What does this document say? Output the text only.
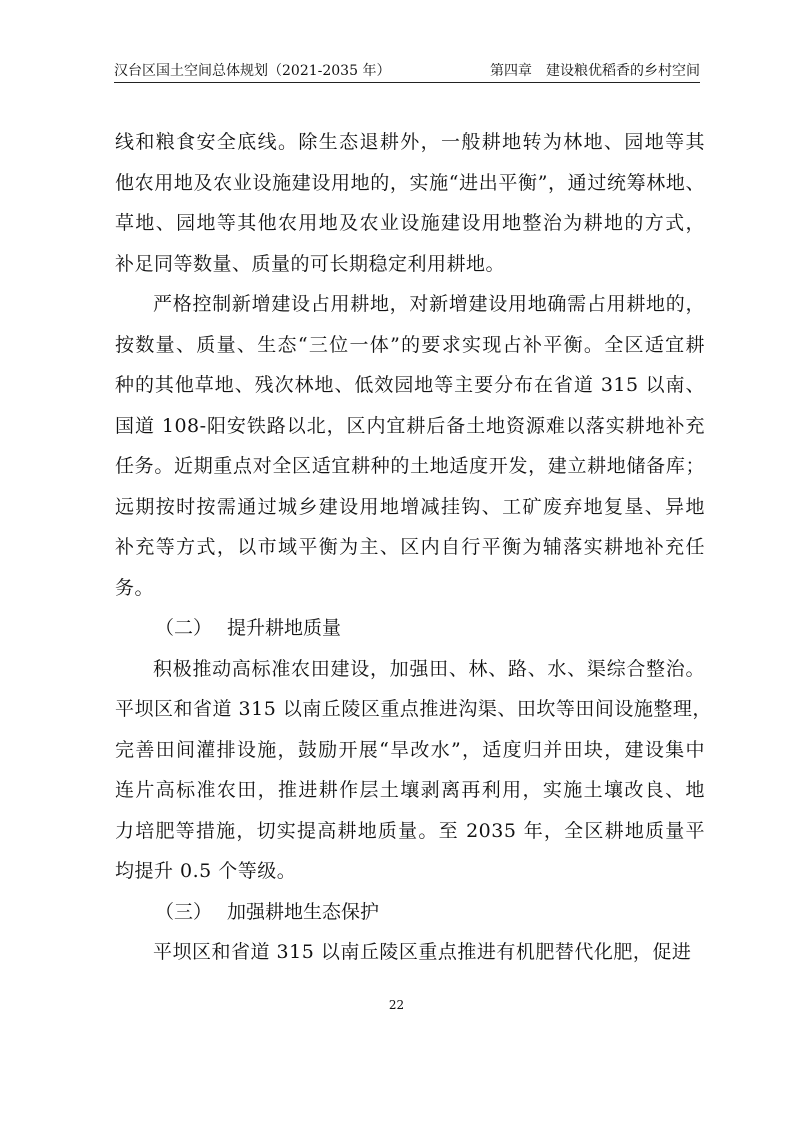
汉台区国土空间总体规划（2021-2035 年）	第四章　建设粮优稻香的乡村空间
线和粮食安全底线。除生态退耕外，一般耕地转为林地、园地等其
他农用地及农业设施建设用地的，实施“进出平衡”，通过统筹林地、
草地、园地等其他农用地及农业设施建设用地整治为耕地的方式，
补足同等数量、质量的可长期稳定利用耕地。
严格控制新增建设占用耕地，对新增建设用地确需占用耕地的，
按数量、质量、生态“三位一体”的要求实现占补平衡。全区适宜耕
种的其他草地、残次林地、低效园地等主要分布在省道 315 以南、
国道 108-阳安铁路以北，区内宜耕后备土地资源难以落实耕地补充
任务。近期重点对全区适宜耕种的土地适度开发，建立耕地储备库；
远期按时按需通过城乡建设用地增减挂钩、工矿废弃地复垦、异地
补充等方式，以市域平衡为主、区内自行平衡为辅落实耕地补充任
务。
（二） 提升耕地质量
积极推动高标准农田建设，加强田、林、路、水、渠综合整治。
平坝区和省道 315 以南丘陵区重点推进沟渠、田坎等田间设施整理，
完善田间灌排设施，鼓励开展“旱改水”，适度归并田块，建设集中
连片高标准农田，推进耕作层土壤剥离再利用，实施土壤改良、地
力培肥等措施，切实提高耕地质量。至 2035 年，全区耕地质量平
均提升 0.5 个等级。
（三） 加强耕地生态保护
平坝区和省道 315 以南丘陵区重点推进有机肥替代化肥，促进
22
